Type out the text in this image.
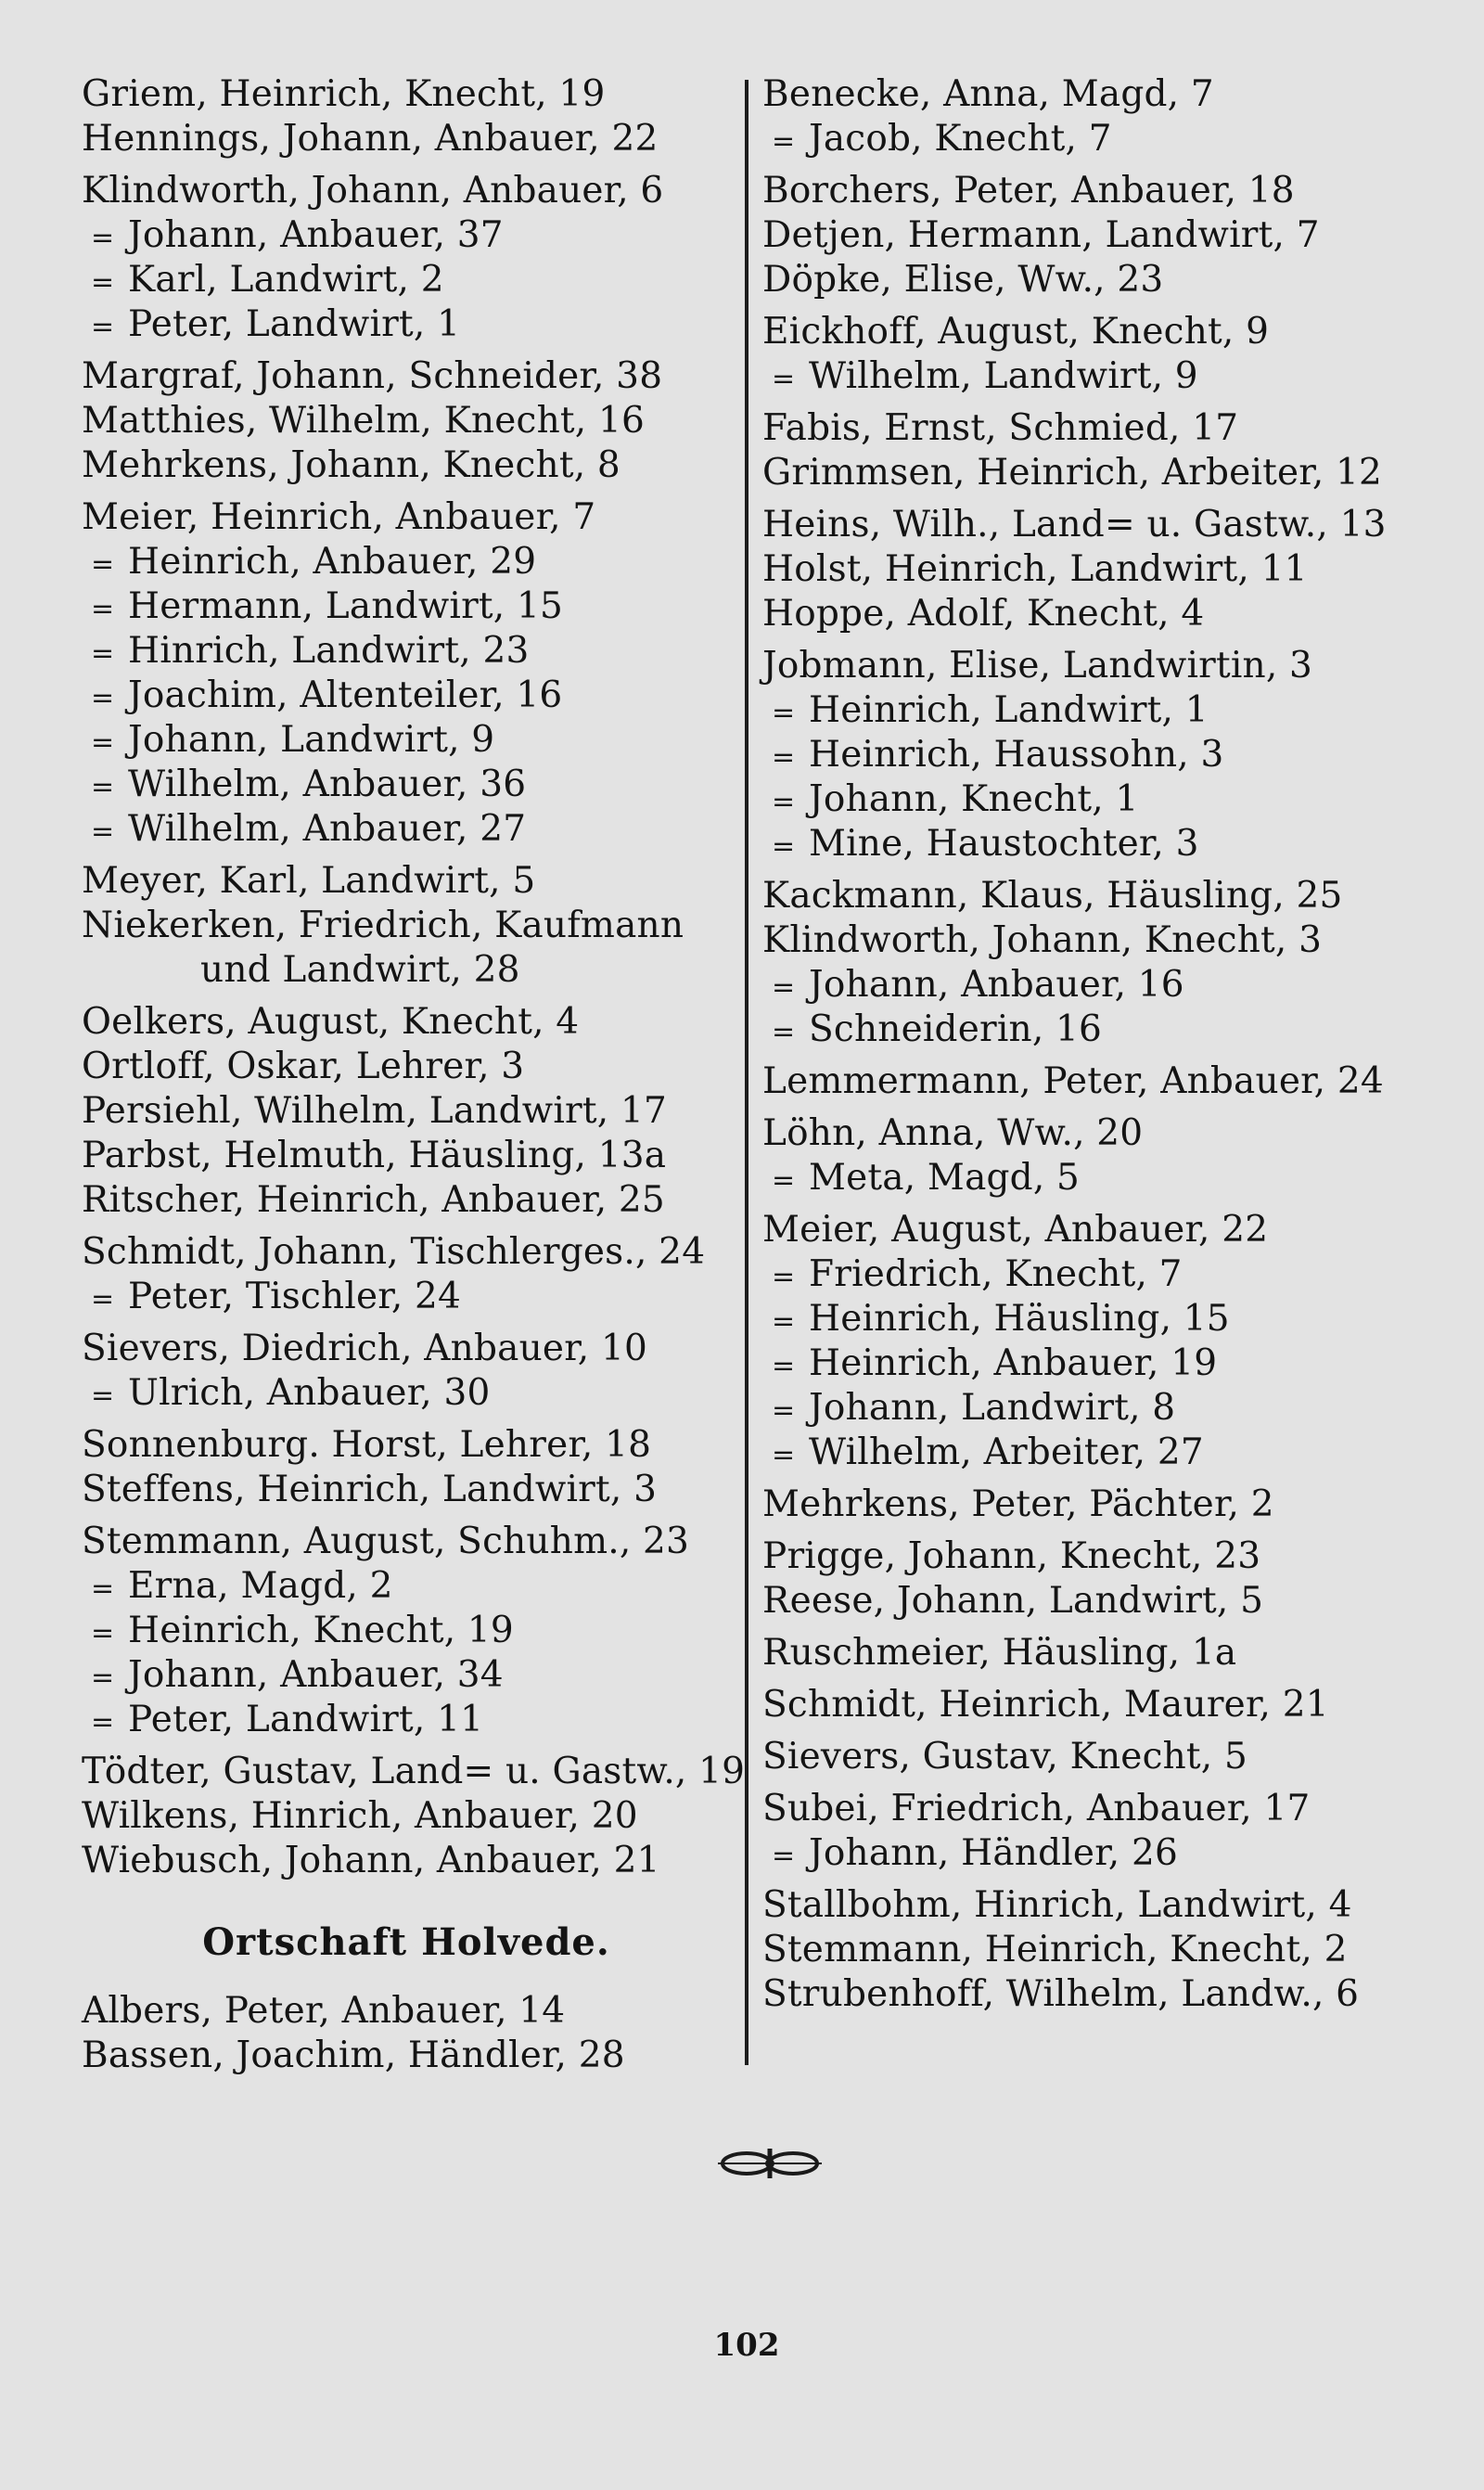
Griem, Heinrich, Knecht, 19
Hennings, Johann, Anbauer, 22
Klindworth, Johann, Anbauer, 6
= Johann, Anbauer, 37
= Karl, Landwirt, 2
= Peter, Landwirt, 1
Margraf, Johann, Schneider, 38
Matthies, Wilhelm, Knecht, 16
Mehrkens, Johann, Knecht, 8
Meier, Heinrich, Anbauer, 7
= Heinrich, Anbauer, 29
= Hermann, Landwirt, 15
= Hinrich, Landwirt, 23
= Joachim, Altenteiler, 16
= Johann, Landwirt, 9
= Wilhelm, Anbauer, 36
= Wilhelm, Anbauer, 27
Meyer, Karl, Landwirt, 5
Niekerken, Friedrich, Kaufmann
und Landwirt, 28
Oelkers, August, Knecht, 4
Ortloff, Oskar, Lehrer, 3
Persiehl, Wilhelm, Landwirt, 17
Parbst, Helmuth, Häusling, 13a
Ritscher, Heinrich, Anbauer, 25
Schmidt, Johann, Tischlerges., 24
= Peter, Tischler, 24
Sievers, Diedrich, Anbauer, 10
= Ulrich, Anbauer, 30
Sonnenburg. Horst, Lehrer, 18
Steffens, Heinrich, Landwirt, 3
Stemmann, August, Schuhm., 23
= Erna, Magd, 2
= Heinrich, Knecht, 19
= Johann, Anbauer, 34
= Peter, Landwirt, 11
Tödter, Gustav, Land= u. Gastw., 19
Wilkens, Hinrich, Anbauer, 20
Wiebusch, Johann, Anbauer, 21
Ortschaft Holvede.
Albers, Peter, Anbauer, 14
Bassen, Joachim, Händler, 28
Benecke, Anna, Magd, 7
= Jacob, Knecht, 7
Borchers, Peter, Anbauer, 18
Detjen, Hermann, Landwirt, 7
Döpke, Elise, Ww., 23
Eickhoff, August, Knecht, 9
= Wilhelm, Landwirt, 9
Fabis, Ernst, Schmied, 17
Grimmsen, Heinrich, Arbeiter, 12
Heins, Wilh., Land= u. Gastw., 13
Holst, Heinrich, Landwirt, 11
Hoppe, Adolf, Knecht, 4
Jobmann, Elise, Landwirtin, 3
= Heinrich, Landwirt, 1
= Heinrich, Haussohn, 3
= Johann, Knecht, 1
= Mine, Haustochter, 3
Kackmann, Klaus, Häusling, 25
Klindworth, Johann, Knecht, 3
= Johann, Anbauer, 16
= Schneiderin, 16
Lemmermann, Peter, Anbauer, 24
Löhn, Anna, Ww., 20
= Meta, Magd, 5
Meier, August, Anbauer, 22
= Friedrich, Knecht, 7
= Heinrich, Häusling, 15
= Heinrich, Anbauer, 19
= Johann, Landwirt, 8
= Wilhelm, Arbeiter, 27
Mehrkens, Peter, Pächter, 2
Prigge, Johann, Knecht, 23
Reese, Johann, Landwirt, 5
Ruschmeier, Häusling, 1a
Schmidt, Heinrich, Maurer, 21
Sievers, Gustav, Knecht, 5
Subei, Friedrich, Anbauer, 17
= Johann, Händler, 26
Stallbohm, Hinrich, Landwirt, 4
Stemmann, Heinrich, Knecht, 2
Strubenhoff, Wilhelm, Landw., 6
102
